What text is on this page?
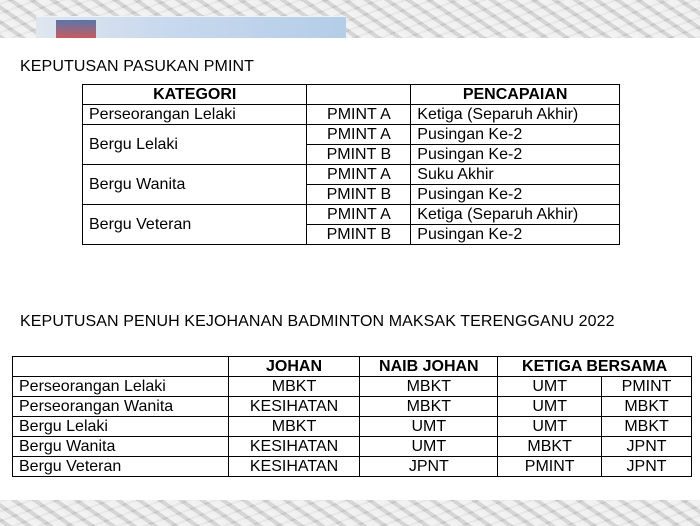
KEPUTUSAN PASUKAN PMINT
KATEGORI		PENCAPAIAN
Perseorangan Lelaki	PMINT A	Ketiga (Separuh Akhir)
Bergu Lelaki	PMINT A	Pusingan Ke-2
	PMINT B	Pusingan Ke-2
Bergu Wanita	PMINT A	Suku Akhir
	PMINT B	Pusingan Ke-2
Bergu Veteran	PMINT A	Ketiga (Separuh Akhir)
	PMINT B	Pusingan Ke-2
KEPUTUSAN PENUH KEJOHANAN BADMINTON MAKSAK TERENGGANU 2022
	JOHAN	NAIB JOHAN	KETIGA BERSAMA	
Perseorangan Lelaki	MBKT	MBKT	UMT	PMINT
Perseorangan Wanita	KESIHATAN	MBKT	UMT	MBKT
Bergu Lelaki	MBKT	UMT	UMT	MBKT
Bergu Wanita	KESIHATAN	UMT	MBKT	JPNT
Bergu Veteran	KESIHATAN	JPNT	PMINT	JPNT
